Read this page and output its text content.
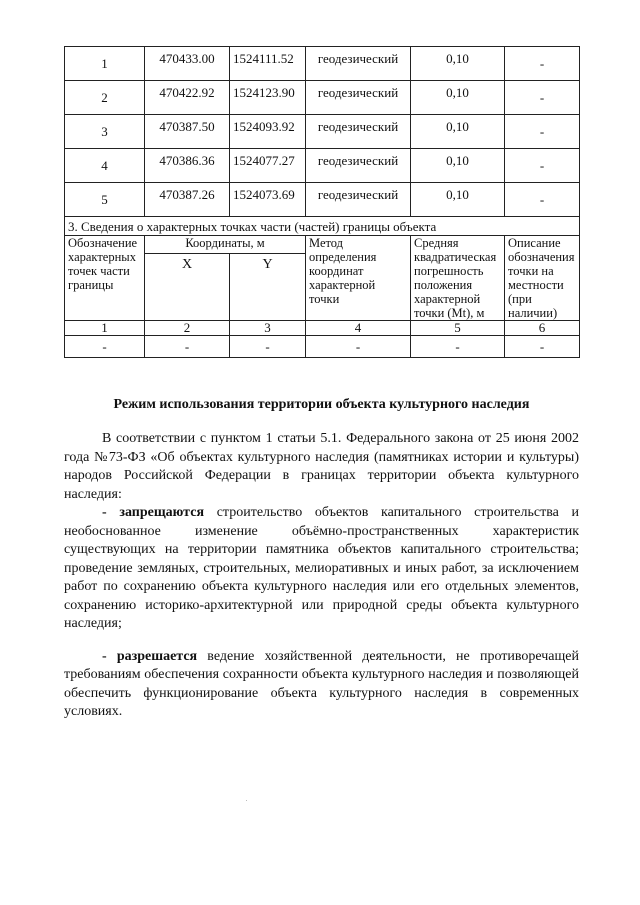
1	470433.00	1524111.52	геодезический	0,10	-
2	470422.92	1524123.90	геодезический	0,10	-
3	470387.50	1524093.92	геодезический	0,10	-
4	470386.36	1524077.27	геодезический	0,10	-
5	470387.26	1524073.69	геодезический	0,10	-
3. Сведения о характерных точках части (частей) границы объекта					
Обозначение характерных точек части границы	Координаты, м		Метод определения координат характерной точки	Средняя квадратическая погрешность положения характерной точки (Mt), м	Описание обозначения точки на местности (при наличии)
	X	Y			
1	2	3	4	5	6
-	-	-	-	-	-
Режим использования территории объекта культурного наследия

В соответствии с пунктом 1 статьи 5.1. Федерального закона от 25 июня 2002 года №73-ФЗ «Об объектах культурного наследия (памятниках истории и культуры) народов Российской Федерации в границах территории объекта культурного наследия:

- запрещаются строительство объектов капитального строительства и необоснованное изменение объёмно-пространственных характеристик существующих на территории памятника объектов капитального строительства; проведение земляных, строительных, мелиоративных и иных работ, за исключением работ по сохранению объекта культурного наследия или его отдельных элементов, сохранению историко-архитектурной или природной среды объекта культурного наследия;

- разрешается ведение хозяйственной деятельности, не противоречащей требованиям обеспечения сохранности объекта культурного наследия и позволяющей обеспечить функционирование объекта культурного наследия в современных условиях.
